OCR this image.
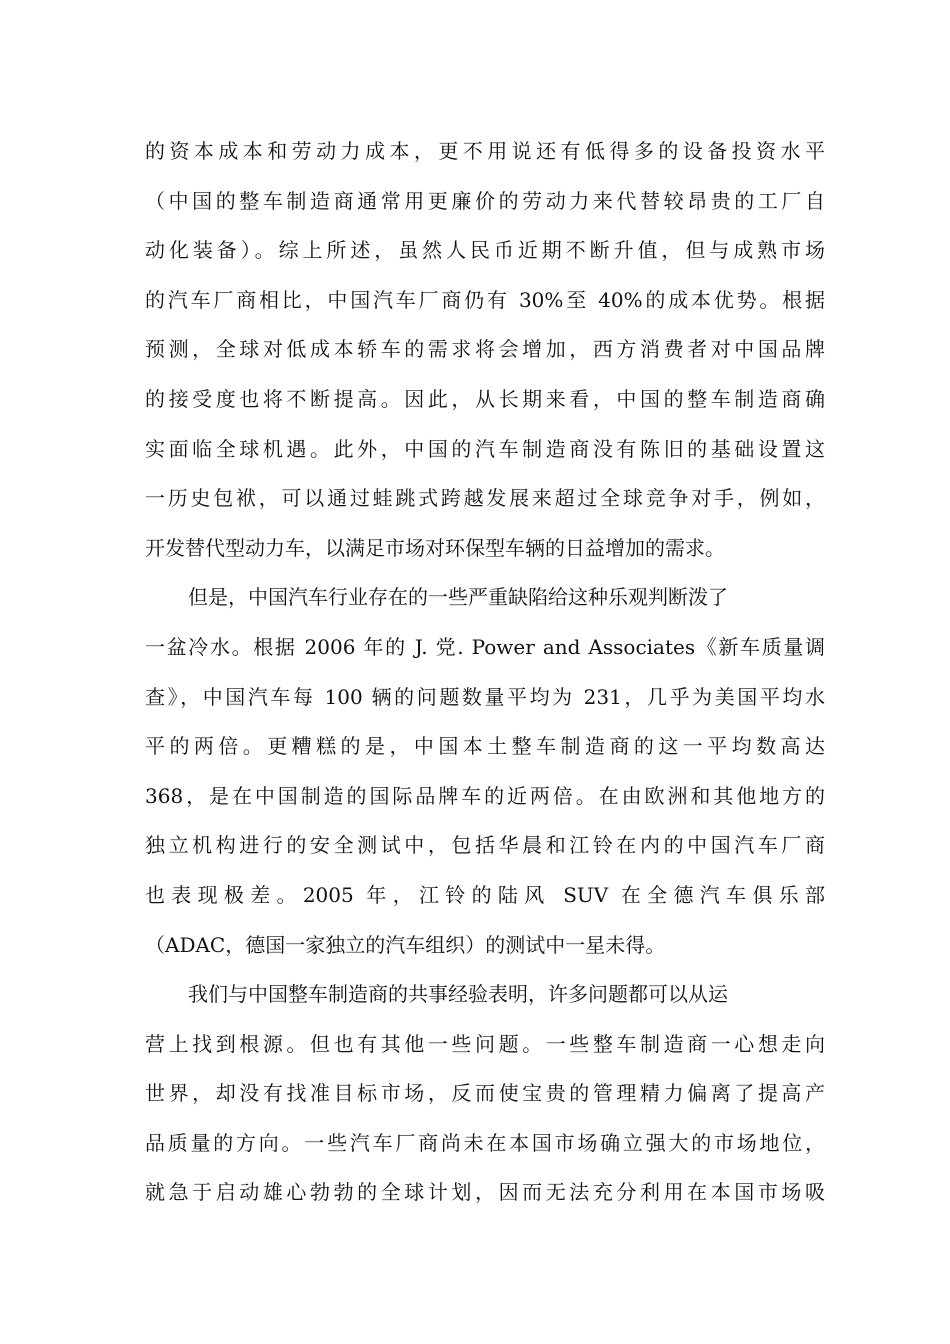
的资本成本和劳动力成本，更不用说还有低得多的设备投资水平
（中国的整车制造商通常用更廉价的劳动力来代替较昂贵的工厂自
动化装备）。综上所述，虽然人民币近期不断升值，但与成熟市场
的汽车厂商相比，中国汽车厂商仍有 30%至 40%的成本优势。根据
预测，全球对低成本轿车的需求将会增加，西方消费者对中国品牌
的接受度也将不断提高。因此，从长期来看，中国的整车制造商确
实面临全球机遇。此外，中国的汽车制造商没有陈旧的基础设置这
一历史包袱，可以通过蛙跳式跨越发展来超过全球竞争对手，例如，
开发替代型动力车，以满足市场对环保型车辆的日益增加的需求。
但是，中国汽车行业存在的一些严重缺陷给这种乐观判断泼了
一盆冷水。根据 2006 年的 J. 党. Power and Associates《新车质量调
查》，中国汽车每 100 辆的问题数量平均为 231，几乎为美国平均水
平的两倍。更糟糕的是，中国本土整车制造商的这一平均数高达
368，是在中国制造的国际品牌车的近两倍。在由欧洲和其他地方的
独立机构进行的安全测试中，包括华晨和江铃在内的中国汽车厂商
也表现极差。2005 年，江铃的陆风 SUV 在全德汽车俱乐部
（ADAC，德国一家独立的汽车组织）的测试中一星未得。
我们与中国整车制造商的共事经验表明，许多问题都可以从运
营上找到根源。但也有其他一些问题。一些整车制造商一心想走向
世界，却没有找准目标市场，反而使宝贵的管理精力偏离了提高产
品质量的方向。一些汽车厂商尚未在本国市场确立强大的市场地位，
就急于启动雄心勃勃的全球计划，因而无法充分利用在本国市场吸
